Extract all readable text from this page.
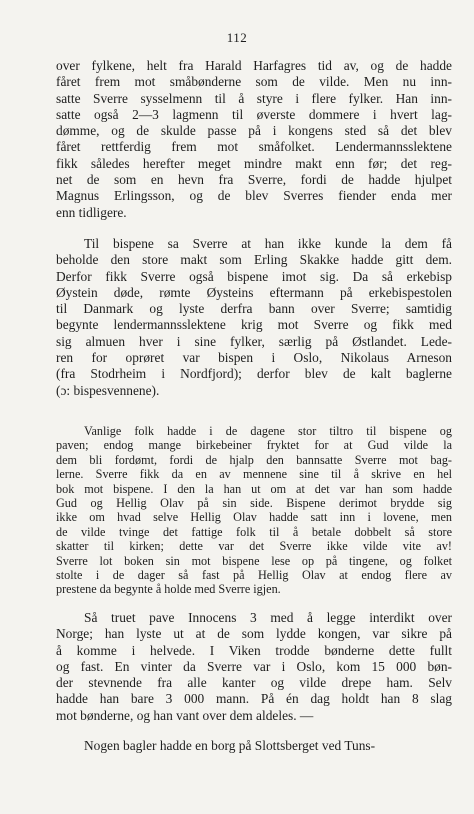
112
over fylkene, helt fra Harald Harfagres tid av, og de hadde
fåret frem mot småbønderne som de vilde. Men nu inn-
satte Sverre sysselmenn til å styre i flere fylker. Han inn-
satte også 2—3 lagmenn til øverste dommere i hvert lag-
dømme, og de skulde passe på i kongens sted så det blev
fåret rettferdig frem mot småfolket. Lendermannsslektene
fikk således herefter meget mindre makt enn før; det reg-
net de som en hevn fra Sverre, fordi de hadde hjulpet
Magnus Erlingsson, og de blev Sverres fiender enda mer
enn tidligere.
Til bispene sa Sverre at han ikke kunde la dem få
beholde den store makt som Erling Skakke hadde gitt dem.
Derfor fikk Sverre også bispene imot sig. Da så erkebisp
Øystein døde, rømte Øysteins eftermann på erkebispestolen
til Danmark og lyste derfra bann over Sverre; samtidig
begynte lendermannsslektene krig mot Sverre og fikk med
sig almuen hver i sine fylker, særlig på Østlandet. Lede-
ren for oprøret var bispen i Oslo, Nikolaus Arneson
(fra Stodrheim i Nordfjord); derfor blev de kalt baglerne
(ɔ: bispesvennene).
Vanlige folk hadde i de dagene stor tiltro til bispene og
paven; endog mange birkebeiner fryktet for at Gud vilde la
dem bli fordømt, fordi de hjalp den bannsatte Sverre mot bag-
lerne. Sverre fikk da en av mennene sine til å skrive en hel
bok mot bispene. I den la han ut om at det var han som hadde
Gud og Hellig Olav på sin side. Bispene derimot brydde sig
ikke om hvad selve Hellig Olav hadde satt inn i lovene, men
de vilde tvinge det fattige folk til å betale dobbelt så store
skatter til kirken; dette var det Sverre ikke vilde vite av!
Sverre lot boken sin mot bispene lese op på tingene, og folket
stolte i de dager så fast på Hellig Olav at endog flere av
prestene da begynte å holde med Sverre igjen.
Så truet pave Innocens 3 med å legge interdikt over
Norge; han lyste ut at de som lydde kongen, var sikre på
å komme i helvede. I Viken trodde bønderne dette fullt
og fast. En vinter da Sverre var i Oslo, kom 15 000 bøn-
der stevnende fra alle kanter og vilde drepe ham. Selv
hadde han bare 3 000 mann. På én dag holdt han 8 slag
mot bønderne, og han vant over dem aldeles. —
Nogen bagler hadde en borg på Slottsberget ved Tuns-
